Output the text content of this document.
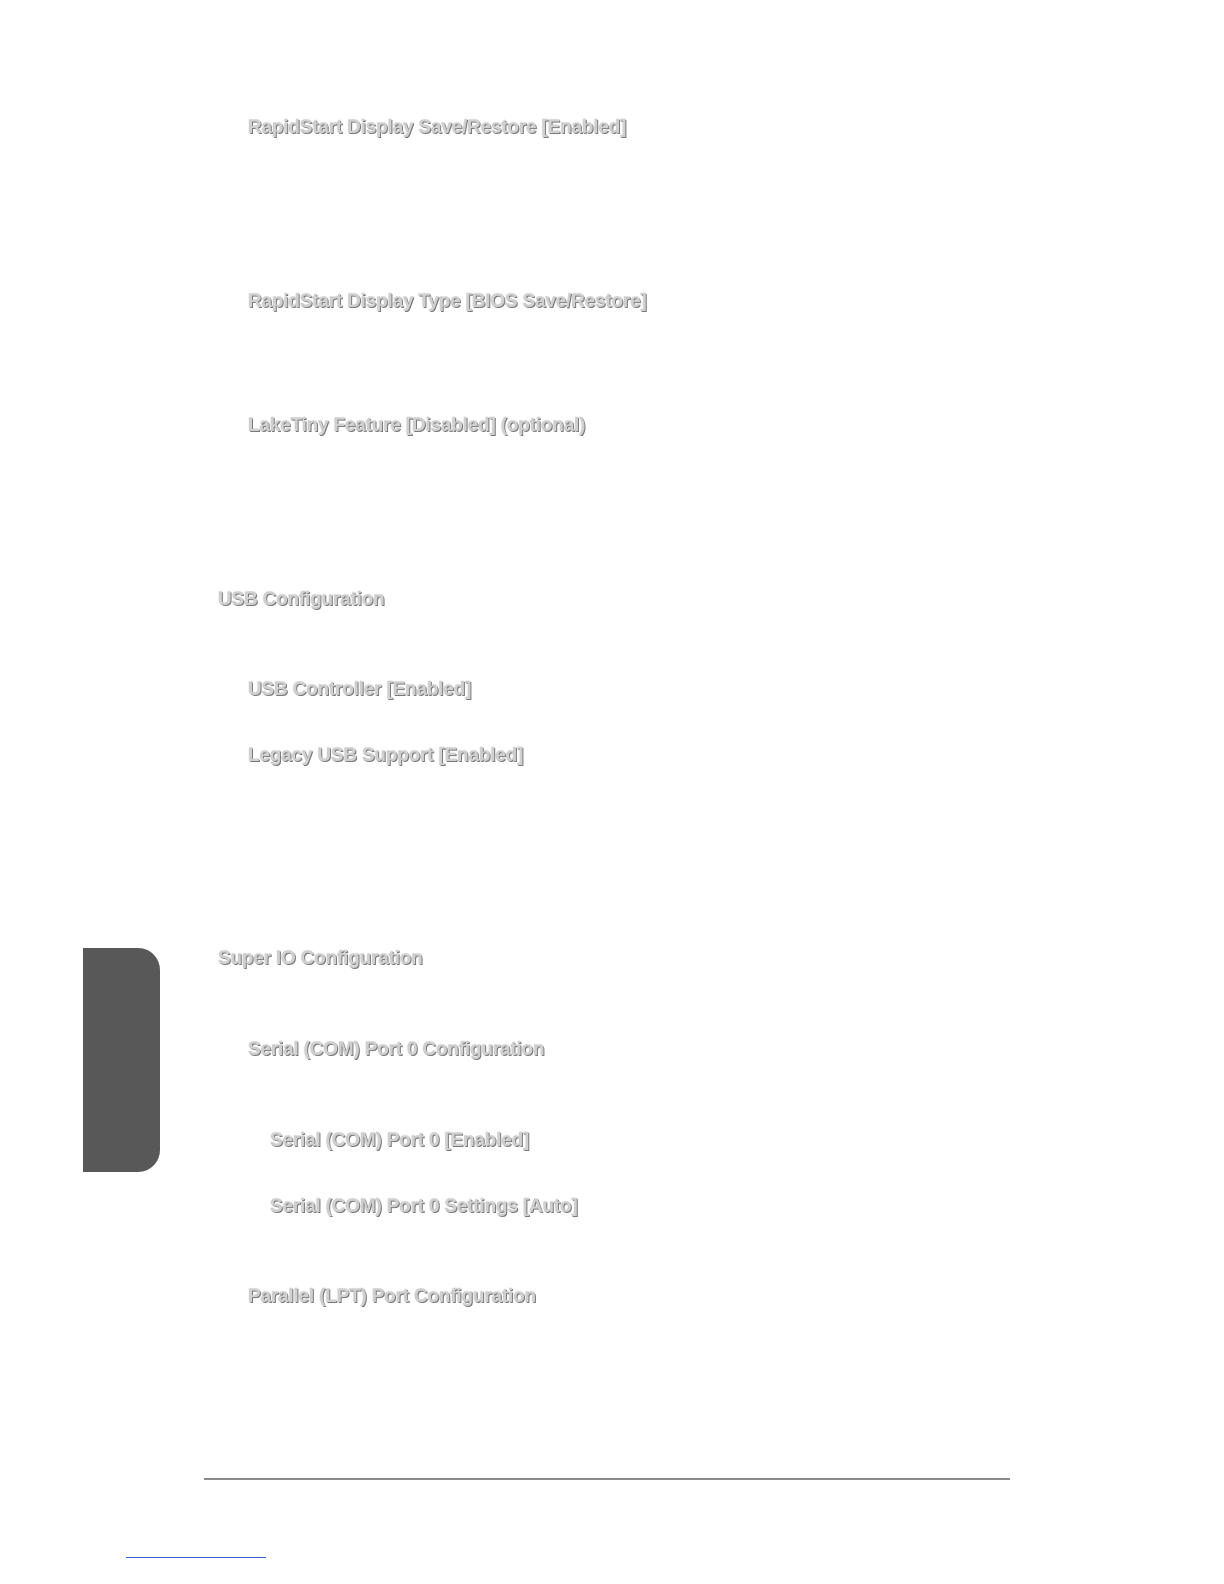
RapidStart Display Save/Restore [Enabled]
RapidStart Display Type [BIOS Save/Restore]
LakeTiny Feature [Disabled] (optional)
USB Configuration
USB Controller [Enabled]
Legacy USB Support [Enabled]
Super IO Configuration
Serial (COM) Port 0 Configuration
Serial (COM) Port 0 [Enabled]
Serial (COM) Port 0 Settings [Auto]
Parallel (LPT) Port Configuration
